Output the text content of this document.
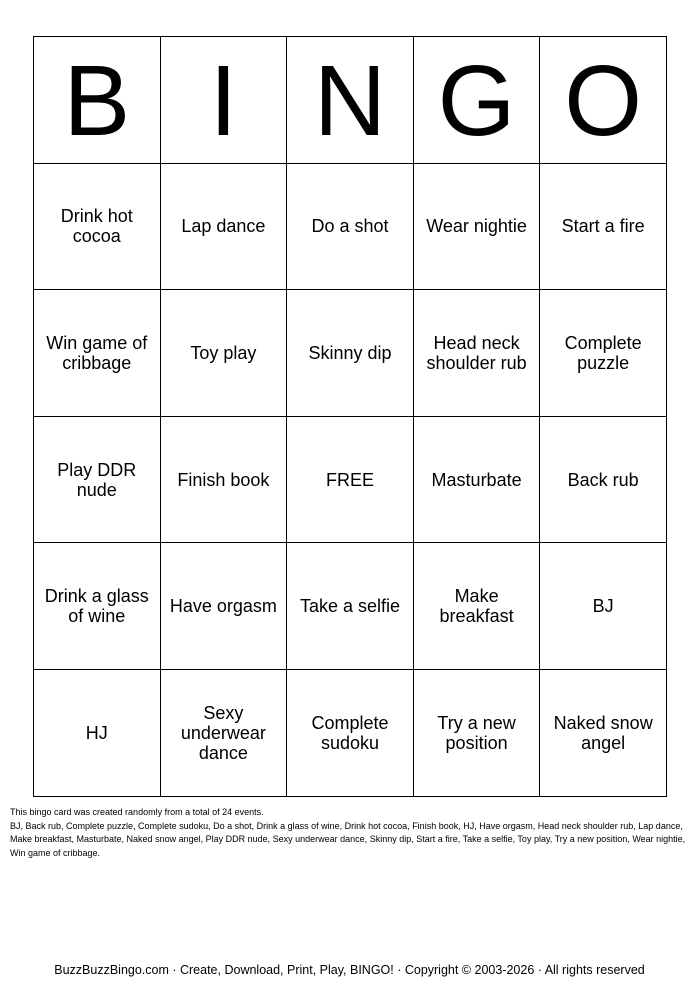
B	I	N	G	O
Drink hot cocoa	Lap dance	Do a shot	Wear nightie	Start a fire
Win game of cribbage	Toy play	Skinny dip	Head neck shoulder rub	Complete puzzle
Play DDR nude	Finish book	FREE	Masturbate	Back rub
Drink a glass of wine	Have orgasm	Take a selfie	Make breakfast	BJ
HJ	Sexy underwear dance	Complete sudoku	Try a new position	Naked snow angel

This bingo card was created randomly from a total of 24 events.

BJ, Back rub, Complete puzzle, Complete sudoku, Do a shot, Drink a glass of wine, Drink hot cocoa, Finish book, HJ, Have orgasm, Head neck shoulder rub, Lap dance, Make breakfast, Masturbate, Naked snow angel, Play DDR nude, Sexy underwear dance, Skinny dip, Start a fire, Take a selfie, Toy play, Try a new position, Wear nightie, Win game of cribbage.

BuzzBuzzBingo.com · Create, Download, Print, Play, BINGO! · Copyright © 2003-2026 · All rights reserved
